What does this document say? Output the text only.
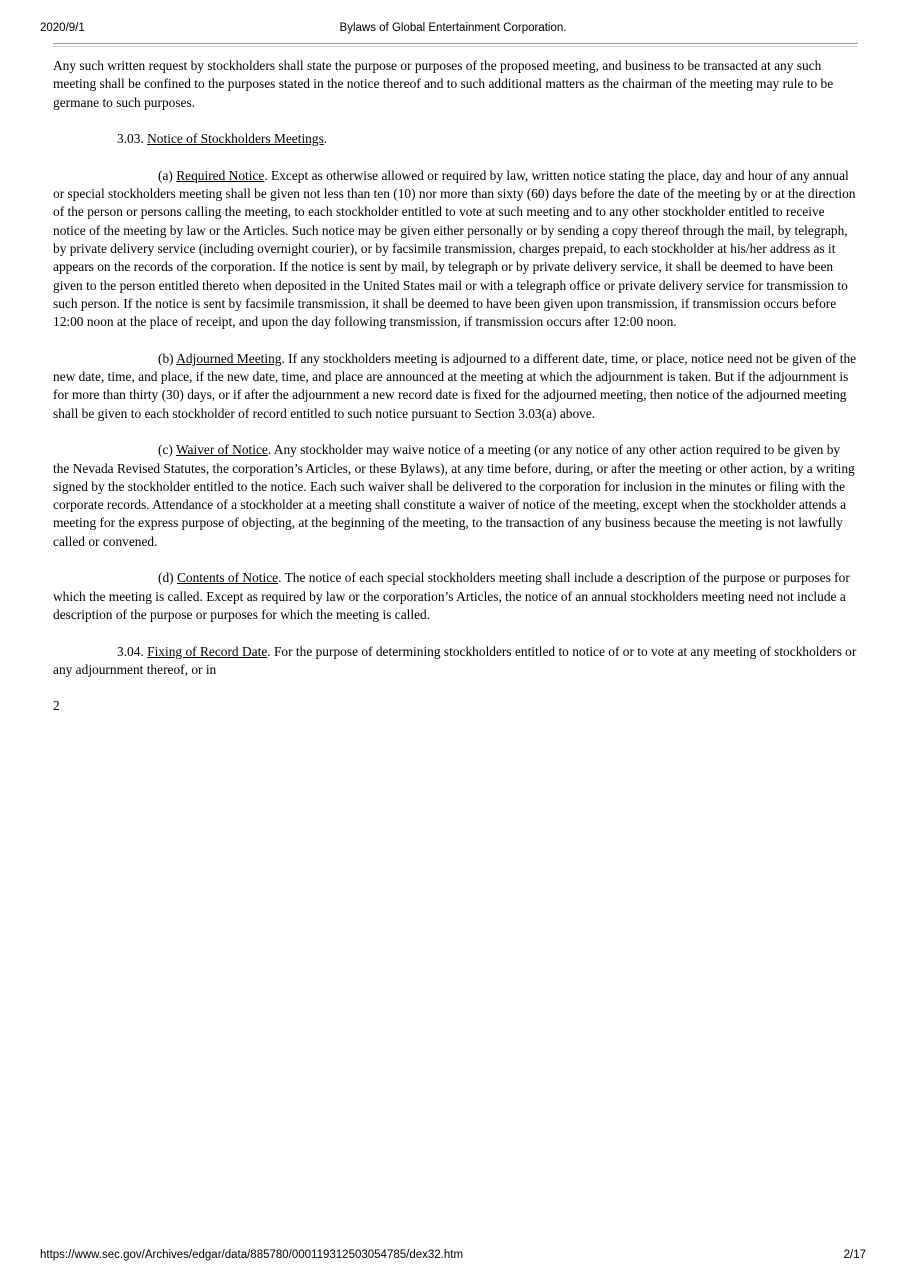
2020/9/1	Bylaws of Global Entertainment Corporation.

Any such written request by stockholders shall state the purpose or purposes of the proposed meeting, and business to be transacted at any such meeting shall be confined to the purposes stated in the notice thereof and to such additional matters as the chairman of the meeting may rule to be germane to such purposes.

3.03. Notice of Stockholders Meetings.

(a) Required Notice. Except as otherwise allowed or required by law, written notice stating the place, day and hour of any annual or special stockholders meeting shall be given not less than ten (10) nor more than sixty (60) days before the date of the meeting by or at the direction of the person or persons calling the meeting, to each stockholder entitled to vote at such meeting and to any other stockholder entitled to receive notice of the meeting by law or the Articles. Such notice may be given either personally or by sending a copy thereof through the mail, by telegraph, by private delivery service (including overnight courier), or by facsimile transmission, charges prepaid, to each stockholder at his/her address as it appears on the records of the corporation. If the notice is sent by mail, by telegraph or by private delivery service, it shall be deemed to have been given to the person entitled thereto when deposited in the United States mail or with a telegraph office or private delivery service for transmission to such person. If the notice is sent by facsimile transmission, it shall be deemed to have been given upon transmission, if transmission occurs before 12:00 noon at the place of receipt, and upon the day following transmission, if transmission occurs after 12:00 noon.

(b) Adjourned Meeting. If any stockholders meeting is adjourned to a different date, time, or place, notice need not be given of the new date, time, and place, if the new date, time, and place are announced at the meeting at which the adjournment is taken. But if the adjournment is for more than thirty (30) days, or if after the adjournment a new record date is fixed for the adjourned meeting, then notice of the adjourned meeting shall be given to each stockholder of record entitled to such notice pursuant to Section 3.03(a) above.

(c) Waiver of Notice. Any stockholder may waive notice of a meeting (or any notice of any other action required to be given by the Nevada Revised Statutes, the corporation’s Articles, or these Bylaws), at any time before, during, or after the meeting or other action, by a writing signed by the stockholder entitled to the notice. Each such waiver shall be delivered to the corporation for inclusion in the minutes or filing with the corporate records. Attendance of a stockholder at a meeting shall constitute a waiver of notice of the meeting, except when the stockholder attends a meeting for the express purpose of objecting, at the beginning of the meeting, to the transaction of any business because the meeting is not lawfully called or convened.

(d) Contents of Notice. The notice of each special stockholders meeting shall include a description of the purpose or purposes for which the meeting is called. Except as required by law or the corporation’s Articles, the notice of an annual stockholders meeting need not include a description of the purpose or purposes for which the meeting is called.

3.04. Fixing of Record Date. For the purpose of determining stockholders entitled to notice of or to vote at any meeting of stockholders or any adjournment thereof, or in

2

https://www.sec.gov/Archives/edgar/data/885780/000119312503054785/dex32.htm	2/17
